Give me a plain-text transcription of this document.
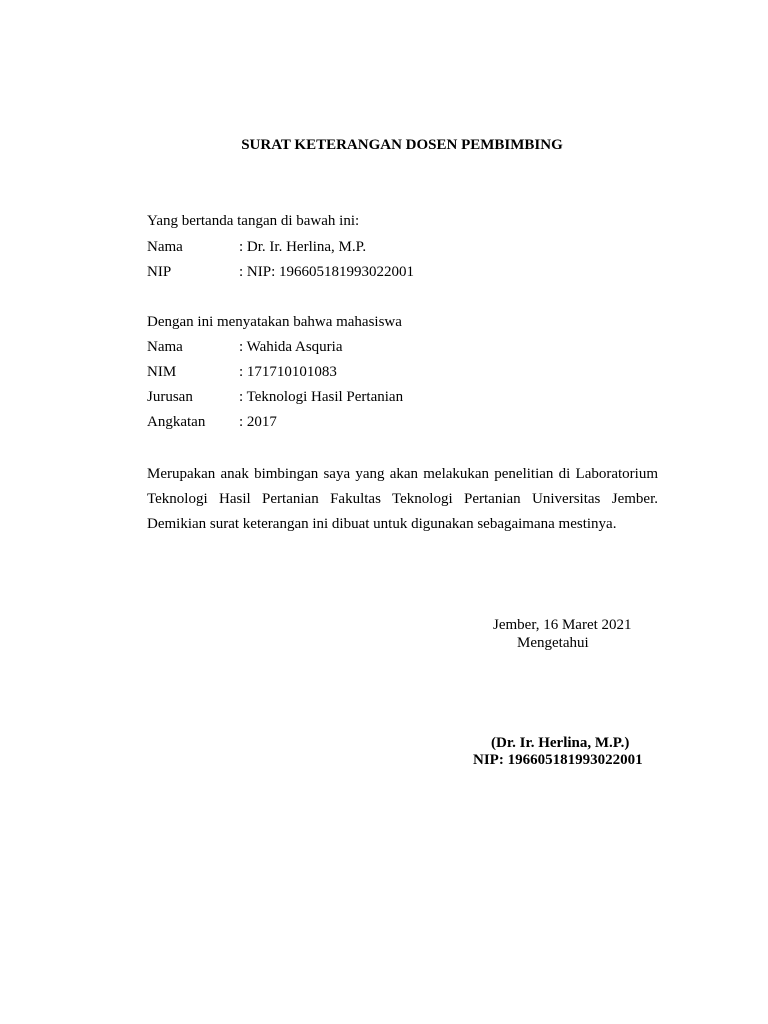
SURAT KETERANGAN DOSEN PEMBIMBING
Yang bertanda tangan di bawah ini:
Nama	: Dr. Ir. Herlina, M.P.
NIP	: NIP: 196605181993022001
Dengan ini menyatakan bahwa mahasiswa
Nama	: Wahida Asquria
NIM	: 171710101083
Jurusan	: Teknologi Hasil Pertanian
Angkatan : 2017

Merupakan anak bimbingan saya yang akan melakukan penelitian di Laboratorium Teknologi Hasil Pertanian Fakultas Teknologi Pertanian Universitas Jember. Demikian surat keterangan ini dibuat untuk digunakan sebagaimana mestinya.

Jember, 16 Maret 2021
Mengetahui
(Dr. Ir. Herlina, M.P.)
NIP: 196605181993022001
